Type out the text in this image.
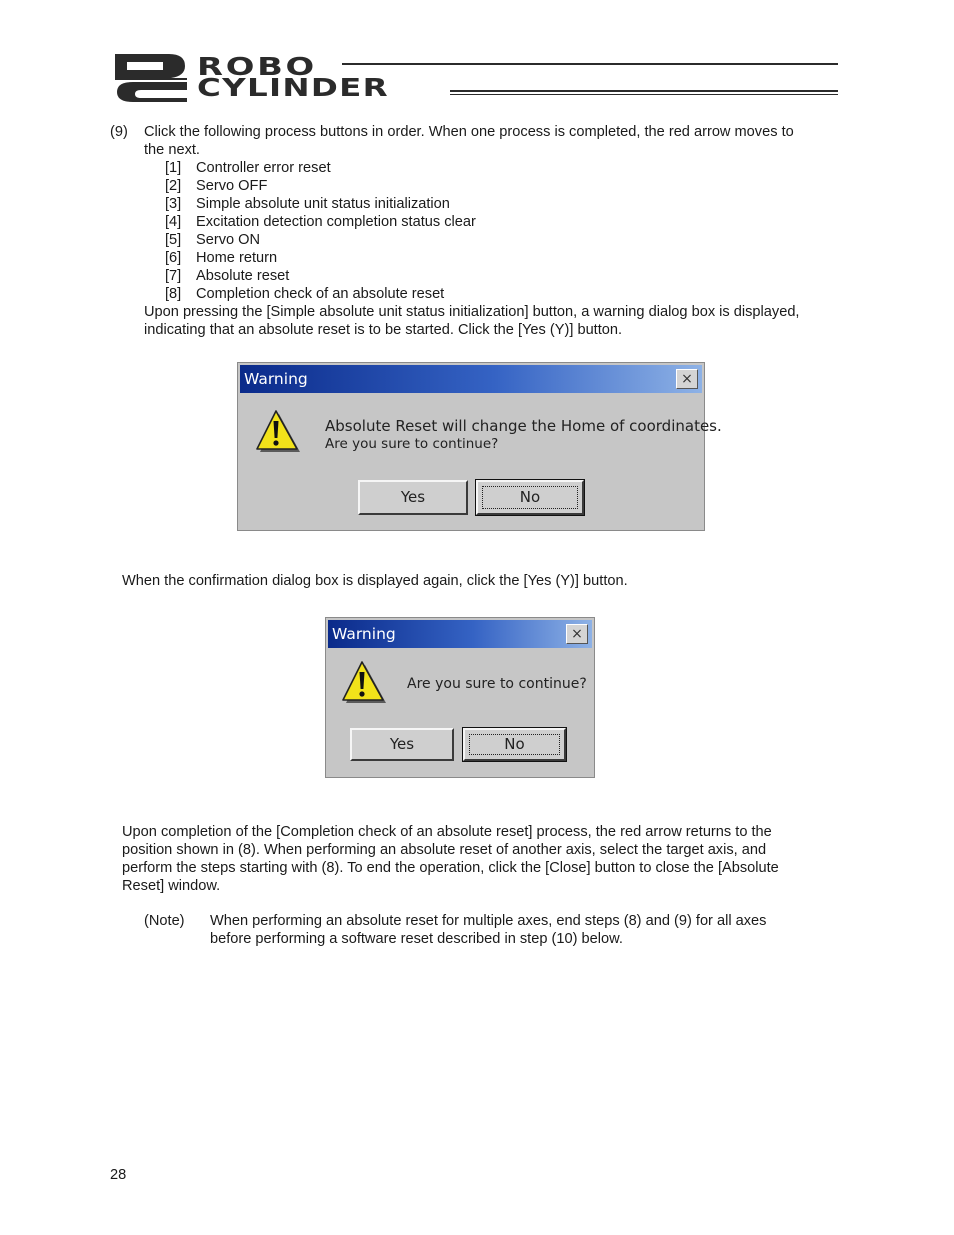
ROBO
CYLINDER
(9) Click the following process buttons in order. When one process is completed, the red arrow moves to
the next.
[1] Controller error reset
[2] Servo OFF
[3] Simple absolute unit status initialization
[4] Excitation detection completion status clear
[5] Servo ON
[6] Home return
[7] Absolute reset
[8] Completion check of an absolute reset
Upon pressing the [Simple absolute unit status initialization] button, a warning dialog box is displayed,
indicating that an absolute reset is to be started. Click the [Yes (Y)] button.
Warning	×
Absolute Reset will change the Home of coordinates.
Are you sure to continue?
Yes	No
When the confirmation dialog box is displayed again, click the [Yes (Y)] button.
Warning	×
Are you sure to continue?
Yes	No
Upon completion of the [Completion check of an absolute reset] process, the red arrow returns to the
position shown in (8). When performing an absolute reset of another axis, select the target axis, and
perform the steps starting with (8). To end the operation, click the [Close] button to close the [Absolute
Reset] window.
(Note) When performing an absolute reset for multiple axes, end steps (8) and (9) for all axes
before performing a software reset described in step (10) below.
28
